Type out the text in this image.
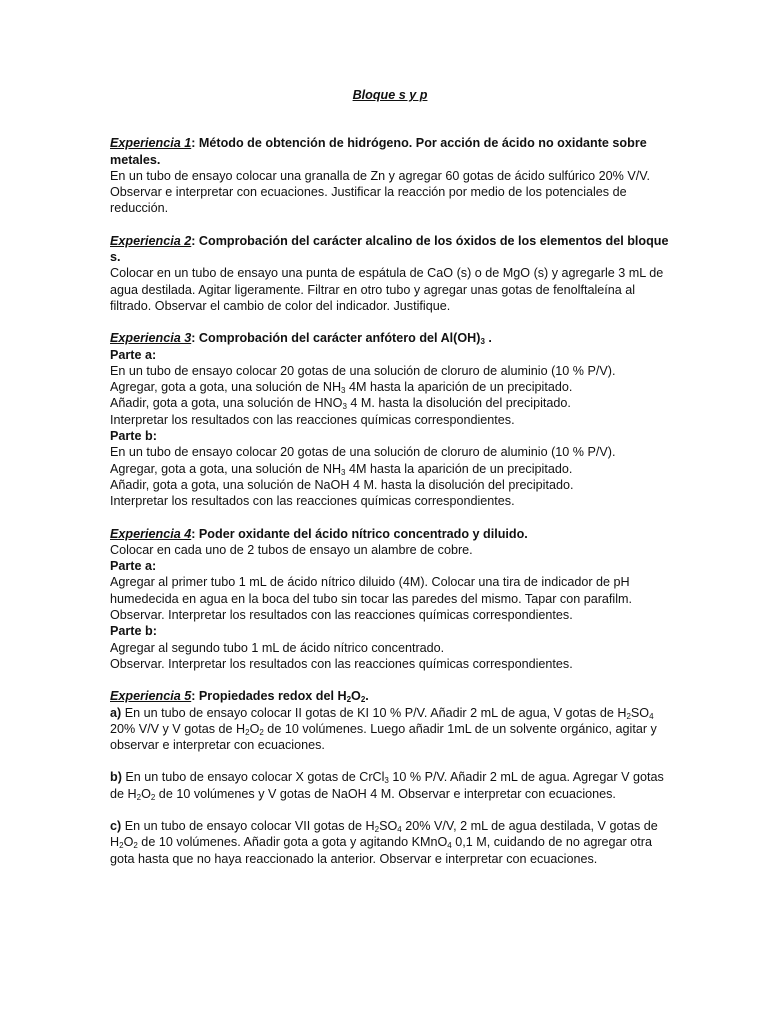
Bloque s y p

Experiencia 1: Método de obtención de hidrógeno. Por acción de ácido no oxidante sobre metales.

En un tubo de ensayo colocar una granalla de Zn y agregar 60 gotas de ácido sulfúrico 20% V/V. Observar e interpretar con ecuaciones. Justificar la reacción por medio de los potenciales de reducción.

Experiencia 2: Comprobación del carácter alcalino de los óxidos de los elementos del bloque s.

Colocar en un tubo de ensayo una punta de espátula de CaO (s) o de MgO (s) y agregarle 3 mL de agua destilada. Agitar ligeramente. Filtrar en otro tubo y agregar unas gotas de fenolftaleína al filtrado. Observar el cambio de color del indicador. Justifique.

Experiencia 3: Comprobación del carácter anfótero del $Al(OH)_3$ .

Parte a:

En un tubo de ensayo colocar 20 gotas de una solución de cloruro de aluminio (10 % P/V).

Agregar, gota a gota, una solución de $NH_3$ 4M hasta la aparición de un precipitado.

Añadir, gota a gota, una solución de $HNO_3$ 4 M. hasta la disolución del precipitado.

Interpretar los resultados con las reacciones químicas correspondientes.

Parte b:

En un tubo de ensayo colocar 20 gotas de una solución de cloruro de aluminio (10 % P/V).

Agregar, gota a gota, una solución de $NH_3$ 4M hasta la aparición de un precipitado.

Añadir, gota a gota, una solución de NaOH 4 M. hasta la disolución del precipitado.

Interpretar los resultados con las reacciones químicas correspondientes.

Experiencia 4: Poder oxidante del ácido nítrico concentrado y diluido.

Colocar en cada uno de 2 tubos de ensayo un alambre de cobre.

Parte a:

Agregar al primer tubo 1 mL de ácido nítrico diluido (4M). Colocar una tira de indicador de pH humedecida en agua en la boca del tubo sin tocar las paredes del mismo. Tapar con parafilm. Observar. Interpretar los resultados con las reacciones químicas correspondientes.

Parte b:

Agregar al segundo tubo 1 mL de ácido nítrico concentrado.

Observar. Interpretar los resultados con las reacciones químicas correspondientes.

Experiencia 5: Propiedades redox del $H_2O_2$.

a) En un tubo de ensayo colocar II gotas de KI 10 % P/V. Añadir 2 mL de agua, V gotas de $H_2SO_4$ 20% V/V y V gotas de $H_2O_2$ de 10 volúmenes. Luego añadir 1mL de un solvente orgánico, agitar y observar e interpretar con ecuaciones.

b) En un tubo de ensayo colocar X gotas de CrCl$_3$ 10 % P/V. Añadir 2 mL de agua. Agregar V gotas de $H_2O_2$ de 10 volúmenes y V gotas de NaOH 4 M. Observar e interpretar con ecuaciones.

c) En un tubo de ensayo colocar VII gotas de $H_2SO_4$ 20% V/V, 2 mL de agua destilada, V gotas de $H_2O_2$ de 10 volúmenes. Añadir gota a gota y agitando KMnO$_4$ 0,1 M, cuidando de no agregar otra gota hasta que no haya reaccionado la anterior. Observar e interpretar con ecuaciones.
